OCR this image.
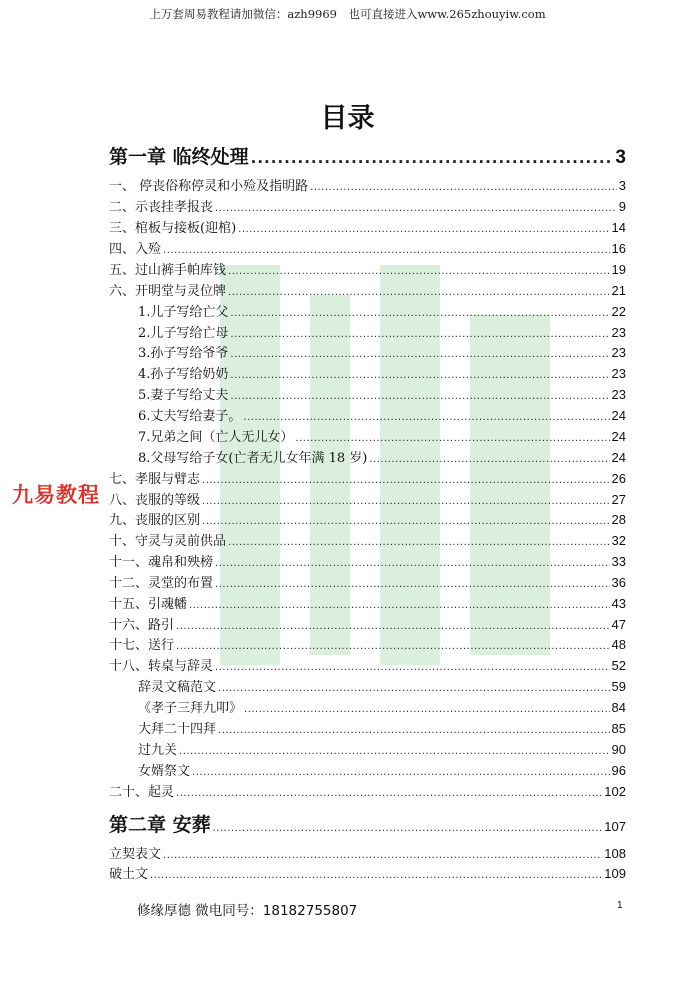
上万套周易教程请加微信：azh9969　也可直接进入www.265zhouyiw.com
目录
第一章 临终处理 .....	3
一、 停丧俗称停灵和小殓及指明路 .....	3
二、示丧挂孝报丧 .....	9
三、棺板与接板(迎棺) .....	14
四、入殓 .....	16
五、过山裤手帕库钱 .....	19
六、开明堂与灵位牌 .....	21
1.儿子写给亡父 .....	22
2.儿子写给亡母 .....	23
3.孙子写给爷爷 .....	23
4.孙子写给奶奶 .....	23
5.妻子写给丈夫 .....	23
6.丈夫写给妻子。 .....	24
7.兄弟之间（亡人无儿女） .....	24
8.父母写给子女(亡者无儿女年满 18 岁) .....	24
七、孝服与臂志 .....	26
八、丧服的等级 .....	27
九、丧服的区别 .....	28
十、守灵与灵前供品 .....	32
十一、魂帛和殃榜 .....	33
十二、灵堂的布置 .....	36
十五、引魂幡 .....	43
十六、路引 .....	47
十七、送行 .....	48
十八、转桌与辞灵 .....	52
辞灵文稿范文 .....	59
《孝子三拜九叩》 .....	84
大拜二十四拜 .....	85
过九关 .....	90
女婿祭文 .....	96
二十、起灵 .....	102
第二章 安葬 .....	107
立契表文 .....	108
破土文 .....	109
九易教程
修缘厚德 微电同号：18182755807	1
